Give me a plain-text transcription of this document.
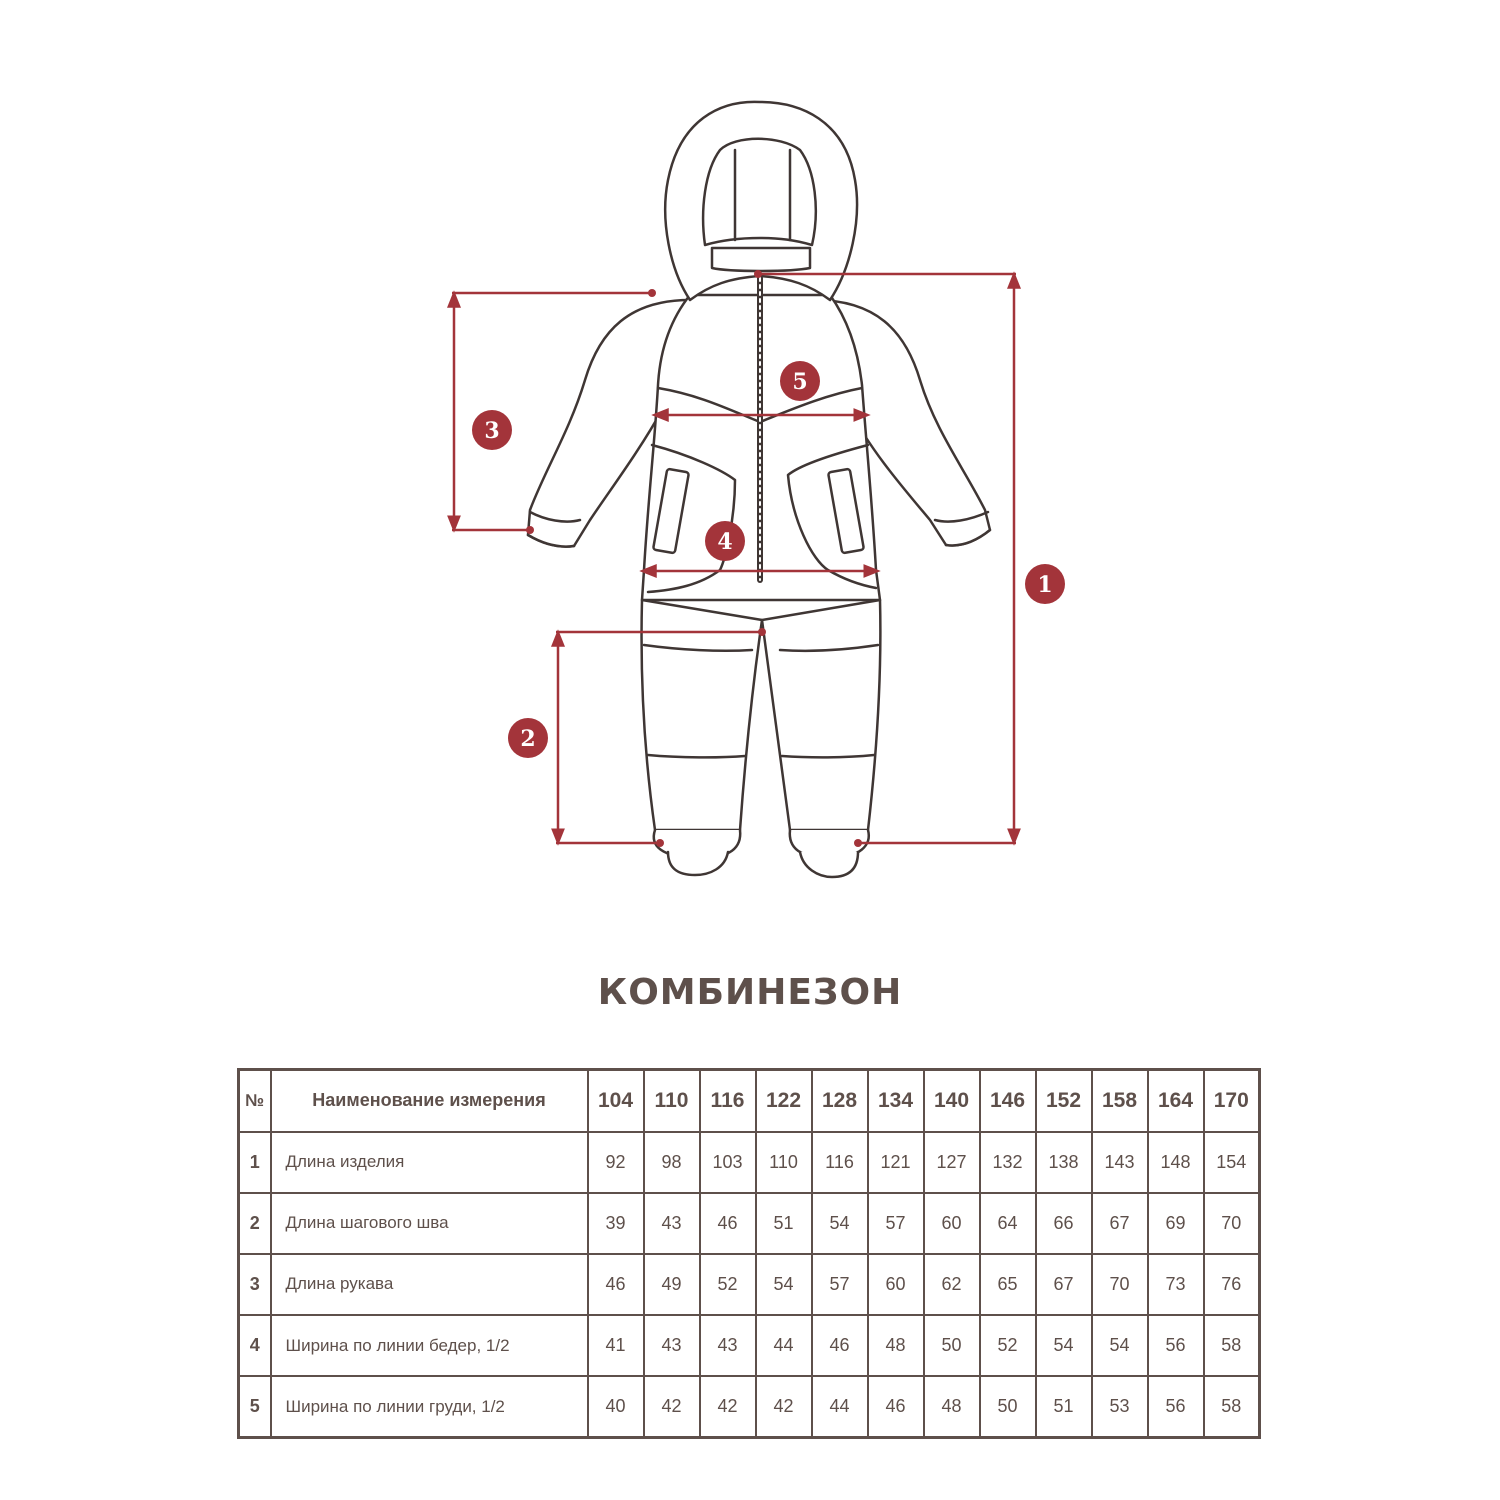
1
2
3
4
5
КОМБИНЕЗОН
№	Наименование измерения	104	110	116	122	128	134	140	146	152	158	164	170
1	Длина изделия	92	98	103	110	116	121	127	132	138	143	148	154
2	Длина шагового шва	39	43	46	51	54	57	60	64	66	67	69	70
3	Длина рукава	46	49	52	54	57	60	62	65	67	70	73	76
4	Ширина по линии бедер, 1/2	41	43	43	44	46	48	50	52	54	54	56	58
5	Ширина по линии груди, 1/2	40	42	42	42	44	46	48	50	51	53	56	58
